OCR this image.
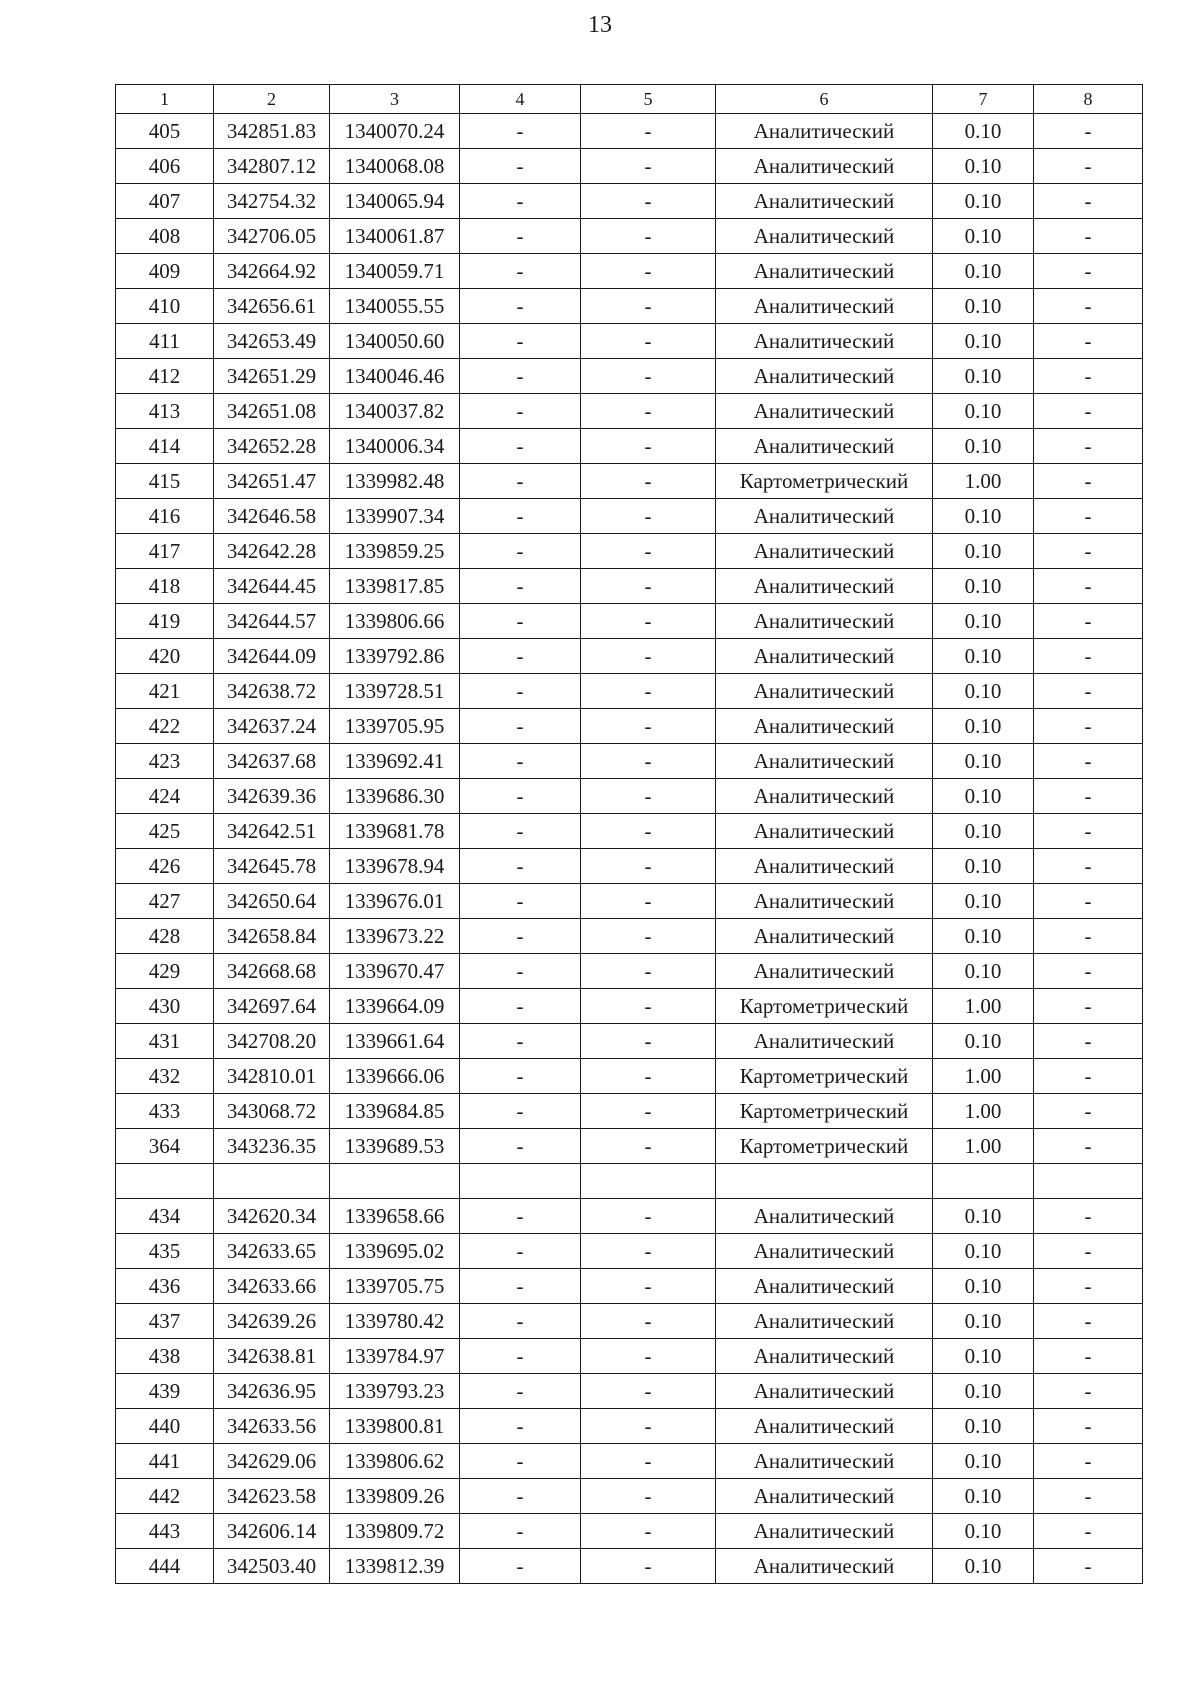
13
1	2	3	4	5	6	7	8
405	342851.83	1340070.24	-	-	Аналитический	0.10	-
406	342807.12	1340068.08	-	-	Аналитический	0.10	-
407	342754.32	1340065.94	-	-	Аналитический	0.10	-
408	342706.05	1340061.87	-	-	Аналитический	0.10	-
409	342664.92	1340059.71	-	-	Аналитический	0.10	-
410	342656.61	1340055.55	-	-	Аналитический	0.10	-
411	342653.49	1340050.60	-	-	Аналитический	0.10	-
412	342651.29	1340046.46	-	-	Аналитический	0.10	-
413	342651.08	1340037.82	-	-	Аналитический	0.10	-
414	342652.28	1340006.34	-	-	Аналитический	0.10	-
415	342651.47	1339982.48	-	-	Картометрический	1.00	-
416	342646.58	1339907.34	-	-	Аналитический	0.10	-
417	342642.28	1339859.25	-	-	Аналитический	0.10	-
418	342644.45	1339817.85	-	-	Аналитический	0.10	-
419	342644.57	1339806.66	-	-	Аналитический	0.10	-
420	342644.09	1339792.86	-	-	Аналитический	0.10	-
421	342638.72	1339728.51	-	-	Аналитический	0.10	-
422	342637.24	1339705.95	-	-	Аналитический	0.10	-
423	342637.68	1339692.41	-	-	Аналитический	0.10	-
424	342639.36	1339686.30	-	-	Аналитический	0.10	-
425	342642.51	1339681.78	-	-	Аналитический	0.10	-
426	342645.78	1339678.94	-	-	Аналитический	0.10	-
427	342650.64	1339676.01	-	-	Аналитический	0.10	-
428	342658.84	1339673.22	-	-	Аналитический	0.10	-
429	342668.68	1339670.47	-	-	Аналитический	0.10	-
430	342697.64	1339664.09	-	-	Картометрический	1.00	-
431	342708.20	1339661.64	-	-	Аналитический	0.10	-
432	342810.01	1339666.06	-	-	Картометрический	1.00	-
433	343068.72	1339684.85	-	-	Картометрический	1.00	-
364	343236.35	1339689.53	-	-	Картометрический	1.00	-

434	342620.34	1339658.66	-	-	Аналитический	0.10	-
435	342633.65	1339695.02	-	-	Аналитический	0.10	-
436	342633.66	1339705.75	-	-	Аналитический	0.10	-
437	342639.26	1339780.42	-	-	Аналитический	0.10	-
438	342638.81	1339784.97	-	-	Аналитический	0.10	-
439	342636.95	1339793.23	-	-	Аналитический	0.10	-
440	342633.56	1339800.81	-	-	Аналитический	0.10	-
441	342629.06	1339806.62	-	-	Аналитический	0.10	-
442	342623.58	1339809.26	-	-	Аналитический	0.10	-
443	342606.14	1339809.72	-	-	Аналитический	0.10	-
444	342503.40	1339812.39	-	-	Аналитический	0.10	-
